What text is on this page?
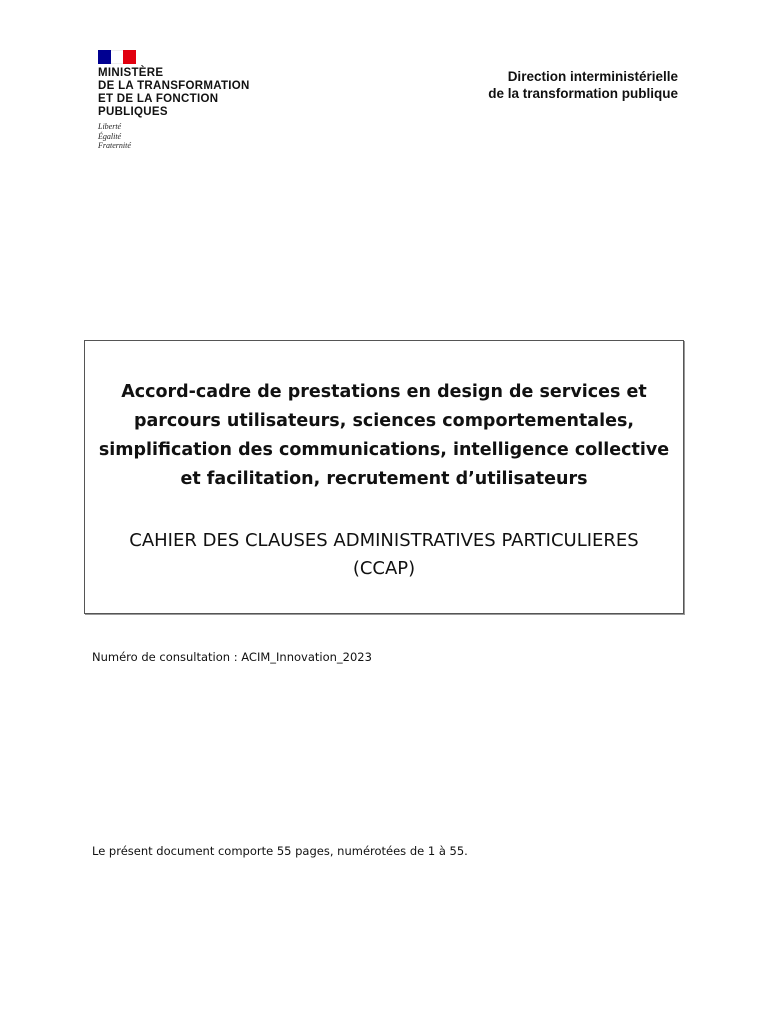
MINISTÈRE
DE LA TRANSFORMATION
ET DE LA FONCTION
PUBLIQUES
Liberté
Égalité
Fraternité
Direction interministérielle
de la transformation publique
Accord-cadre de prestations en design de services et
parcours utilisateurs, sciences comportementales,
simplification des communications, intelligence collective
et facilitation, recrutement d’utilisateurs
CAHIER DES CLAUSES ADMINISTRATIVES PARTICULIERES
(CCAP)
Numéro de consultation : ACIM_Innovation_2023
Le présent document comporte 55 pages, numérotées de 1 à 55.
